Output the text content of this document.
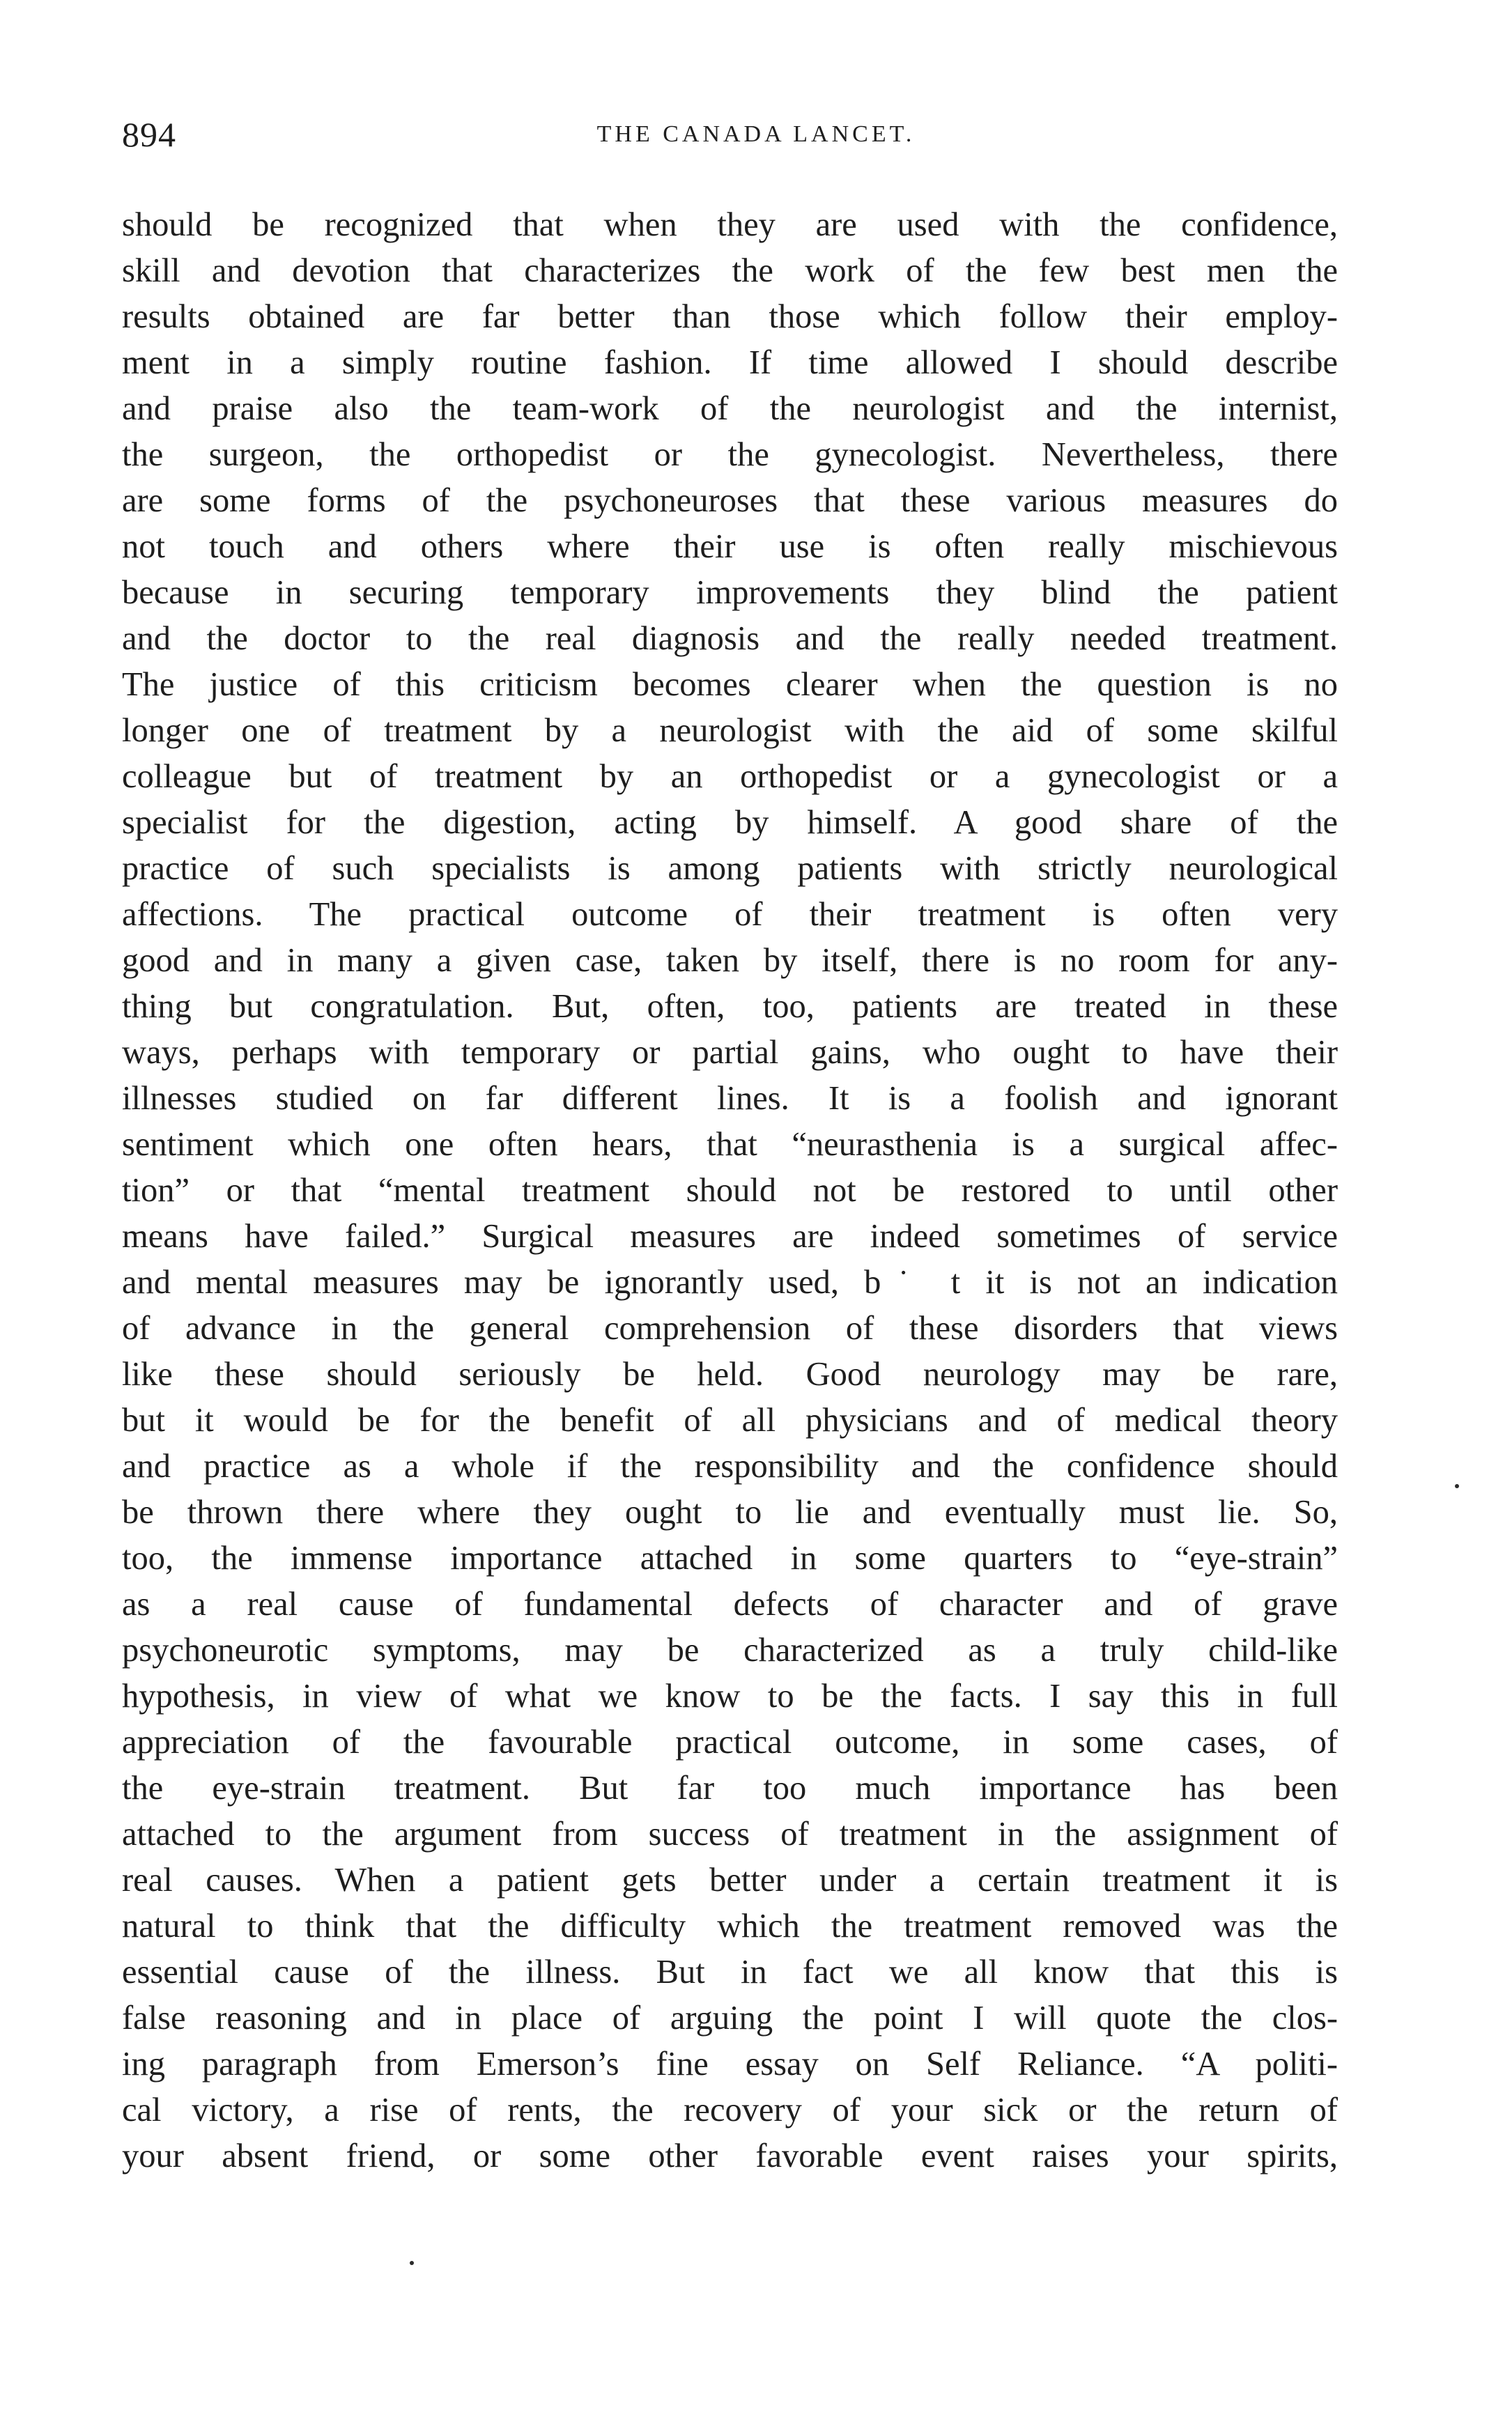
894	THE CANADA LANCET.
should be recognized that when they are used with the confidence,
skill and devotion that characterizes the work of the few best men the
results obtained are far better than those which follow their employ-
ment in a simply routine fashion. If time allowed I should describe
and praise also the team-work of the neurologist and the internist,
the surgeon, the orthopedist or the gynecologist. Nevertheless, there
are some forms of the psychoneuroses that these various measures do
not touch and others where their use is often really mischievous
because in securing temporary improvements they blind the patient
and the doctor to the real diagnosis and the really needed treatment.
The justice of this criticism becomes clearer when the question is no
longer one of treatment by a neurologist with the aid of some skilful
colleague but of treatment by an orthopedist or a gynecologist or a
specialist for the digestion, acting by himself. A good share of the
practice of such specialists is among patients with strictly neurological
affections. The practical outcome of their treatment is often very
good and in many a given case, taken by itself, there is no room for any-
thing but congratulation. But, often, too, patients are treated in these
ways, perhaps with temporary or partial gains, who ought to have their
illnesses studied on far different lines. It is a foolish and ignorant
sentiment which one often hears, that “neurasthenia is a surgical affec-
tion” or that “mental treatment should not be restored to until other
means have failed.” Surgical measures are indeed sometimes of service
and mental measures may be ignorantly used, b˙ t it is not an indication
of advance in the general comprehension of these disorders that views
like these should seriously be held. Good neurology may be rare,
but it would be for the benefit of all physicians and of medical theory
and practice as a whole if the responsibility and the confidence should
be thrown there where they ought to lie and eventually must lie. So,
too, the immense importance attached in some quarters to “eye-strain”
as a real cause of fundamental defects of character and of grave
psychoneurotic symptoms, may be characterized as a truly child-like
hypothesis, in view of what we know to be the facts. I say this in full
appreciation of the favourable practical outcome, in some cases, of
the eye-strain treatment. But far too much importance has been
attached to the argument from success of treatment in the assignment of
real causes. When a patient gets better under a certain treatment it is
natural to think that the difficulty which the treatment removed was the
essential cause of the illness. But in fact we all know that this is
false reasoning and in place of arguing the point I will quote the clos-
ing paragraph from Emerson’s fine essay on Self Reliance. “A politi-
cal victory, a rise of rents, the recovery of your sick or the return of
your absent friend, or some other favorable event raises your spirits,
